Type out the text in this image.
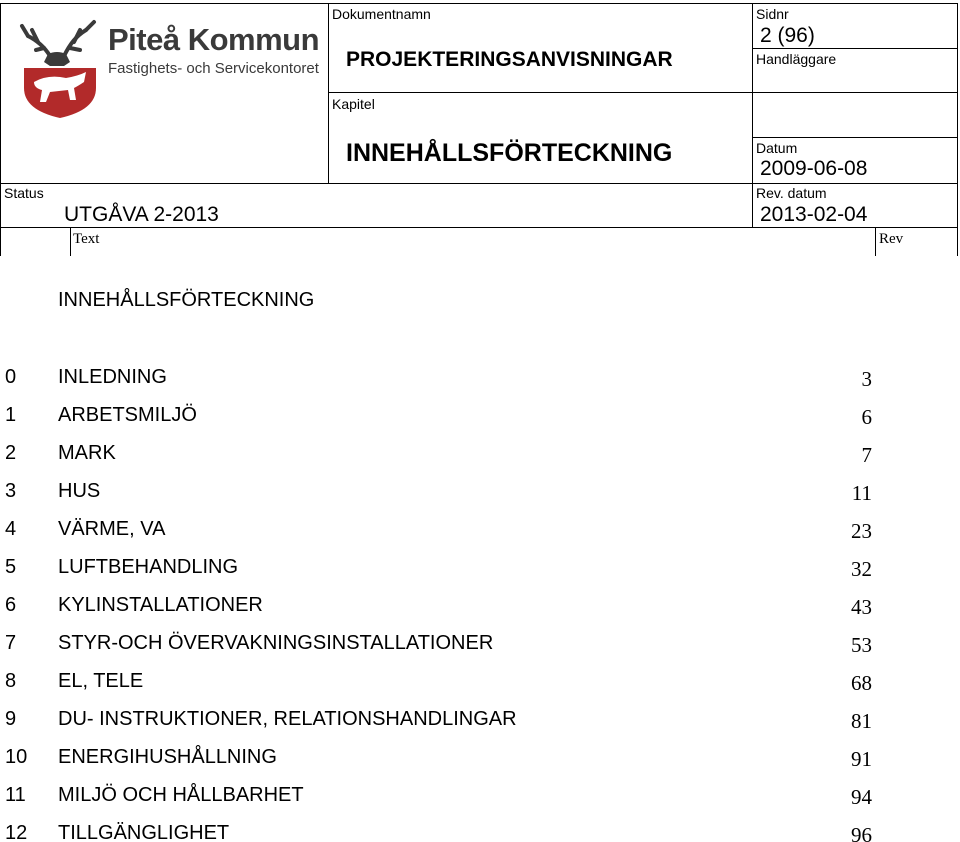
Piteå Kommun
Fastighets- och Servicekontoret
Dokumentnamn
PROJEKTERINGSANVISNINGAR
Sidnr
2 (96)
Handläggare
Kapitel
INNEHÅLLSFÖRTECKNING	Datum
2009-06-08
Status
UTGÅVA 2-2013
Rev. datum
2013-02-04
Text	Rev
INNEHÅLLSFÖRTECKNING
0 INLEDNING	3
1 ARBETSMILJÖ	6
2 MARK	7
3 HUS	11
4 VÄRME, VA	23
5 LUFTBEHANDLING	32
6 KYLINSTALLATIONER	43
7 STYR-OCH ÖVERVAKNINGSINSTALLATIONER	53
8 EL, TELE	68
9 DU- INSTRUKTIONER, RELATIONSHANDLINGAR	81
10 ENERGIHUSHÅLLNING	91
11 MILJÖ OCH HÅLLBARHET	94
12 TILLGÄNGLIGHET	96
